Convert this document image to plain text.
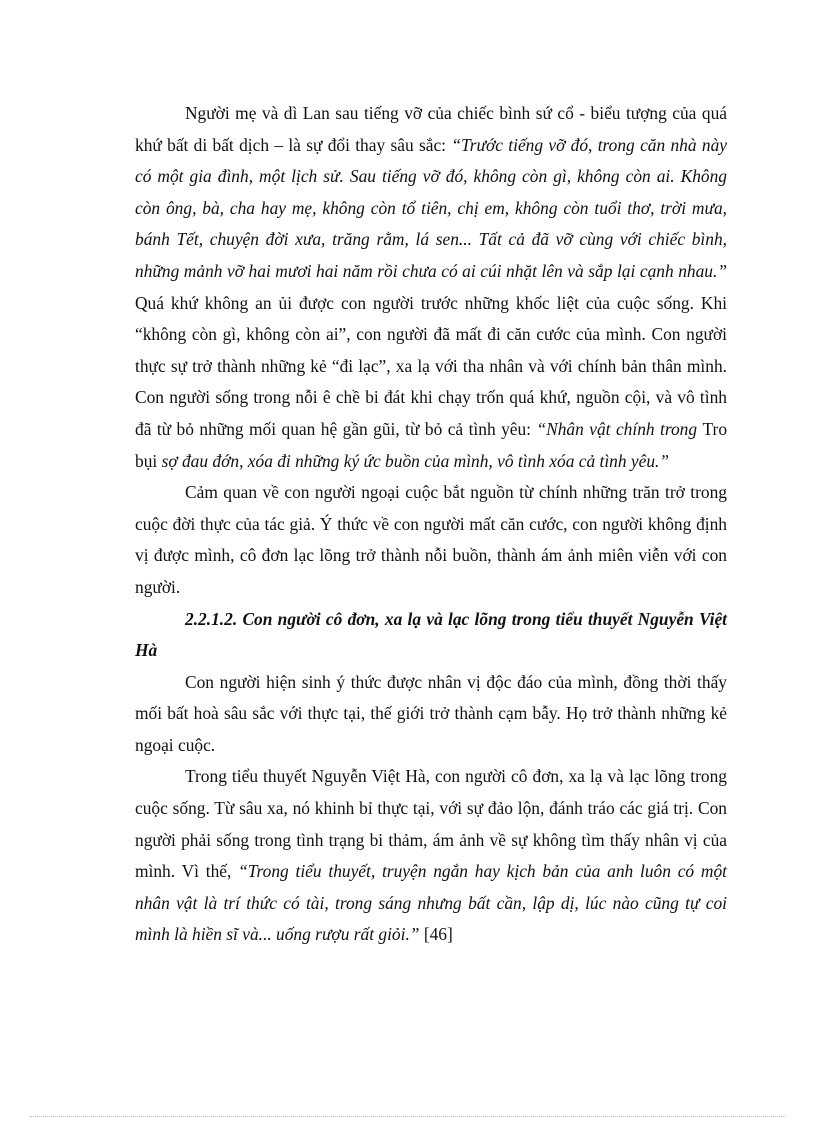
Người mẹ và dì Lan sau tiếng vỡ của chiếc bình sứ cổ - biểu tượng của quá khứ bất di bất dịch – là sự đổi thay sâu sắc: “Trước tiếng vỡ đó, trong căn nhà này có một gia đình, một lịch sử. Sau tiếng vỡ đó, không còn gì, không còn ai. Không còn ông, bà, cha hay mẹ, không còn tổ tiên, chị em, không còn tuổi thơ, trời mưa, bánh Tết, chuyện đời xưa, trăng rằm, lá sen... Tất cả đã vỡ cùng với chiếc bình, những mảnh vỡ hai mươi hai năm rồi chưa có ai cúi nhặt lên và sắp lại cạnh nhau.” Quá khứ không an ủi được con người trước những khốc liệt của cuộc sống. Khi “không còn gì, không còn ai”, con người đã mất đi căn cước của mình. Con người thực sự trở thành những kẻ “đi lạc”, xa lạ với tha nhân và với chính bản thân mình. Con người sống trong nỗi ê chề bi đát khi chạy trốn quá khứ, nguồn cội, và vô tình đã từ bỏ những mối quan hệ gần gũi, từ bỏ cả tình yêu: “Nhân vật chính trong Tro bụi sợ đau đớn, xóa đi những ký ức buồn của mình, vô tình xóa cả tình yêu.”

Cảm quan về con người ngoại cuộc bắt nguồn từ chính những trăn trở trong cuộc đời thực của tác giả. Ý thức về con người mất căn cước, con người không định vị được mình, cô đơn lạc lõng trở thành nỗi buồn, thành ám ảnh miên viễn với con người.

2.2.1.2. Con người cô đơn, xa lạ và lạc lõng trong tiểu thuyết Nguyễn Việt Hà

Con người hiện sinh ý thức được nhân vị độc đáo của mình, đồng thời thấy mối bất hoà sâu sắc với thực tại, thế giới trở thành cạm bẫy. Họ trở thành những kẻ ngoại cuộc.

Trong tiểu thuyết Nguyễn Việt Hà, con người cô đơn, xa lạ và lạc lõng trong cuộc sống. Từ sâu xa, nó khinh bỉ thực tại, với sự đảo lộn, đánh tráo các giá trị. Con người phải sống trong tình trạng bi thảm, ám ảnh về sự không tìm thấy nhân vị của mình. Vì thế, “Trong tiểu thuyết, truyện ngắn hay kịch bản của anh luôn có một nhân vật là trí thức có tài, trong sáng nhưng bất cần, lập dị, lúc nào cũng tự coi mình là hiền sĩ và... uống rượu rất giỏi.” [46]
